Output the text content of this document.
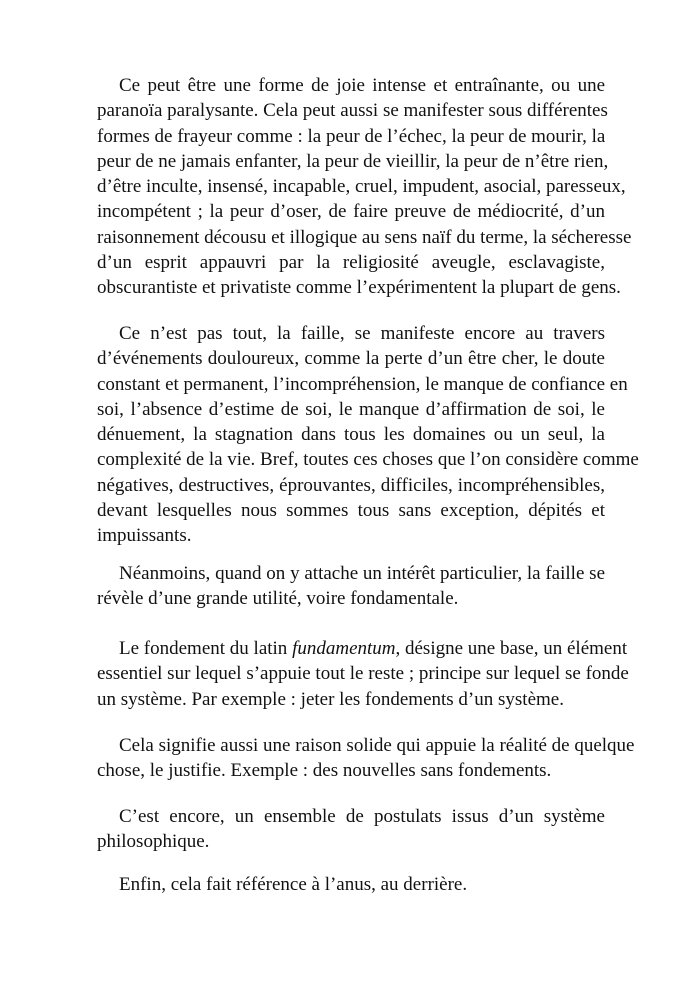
Ce peut être une forme de joie intense et entraînante, ou une
paranoïa paralysante. Cela peut aussi se manifester sous différentes
formes de frayeur comme : la peur de l’échec, la peur de mourir, la
peur de ne jamais enfanter, la peur de vieillir, la peur de n’être rien,
d’être inculte, insensé, incapable, cruel, impudent, asocial, paresseux,
incompétent ; la peur d’oser, de faire preuve de médiocrité, d’un
raisonnement décousu et illogique au sens naïf du terme, la sécheresse
d’un esprit appauvri par la religiosité aveugle, esclavagiste,
obscurantiste et privatiste comme l’expérimentent la plupart de gens.
Ce n’est pas tout, la faille, se manifeste encore au travers
d’événements douloureux, comme la perte d’un être cher, le doute
constant et permanent, l’incompréhension, le manque de confiance en
soi, l’absence d’estime de soi, le manque d’affirmation de soi, le
dénuement, la stagnation dans tous les domaines ou un seul, la
complexité de la vie. Bref, toutes ces choses que l’on considère comme
négatives, destructives, éprouvantes, difficiles, incompréhensibles,
devant lesquelles nous sommes tous sans exception, dépités et
impuissants.
Néanmoins, quand on y attache un intérêt particulier, la faille se
révèle d’une grande utilité, voire fondamentale.
Le fondement du latin fundamentum, désigne une base, un élément
essentiel sur lequel s’appuie tout le reste ; principe sur lequel se fonde
un système. Par exemple : jeter les fondements d’un système.
Cela signifie aussi une raison solide qui appuie la réalité de quelque
chose, le justifie. Exemple : des nouvelles sans fondements.
C’est encore, un ensemble de postulats issus d’un système
philosophique.
Enfin, cela fait référence à l’anus, au derrière.
